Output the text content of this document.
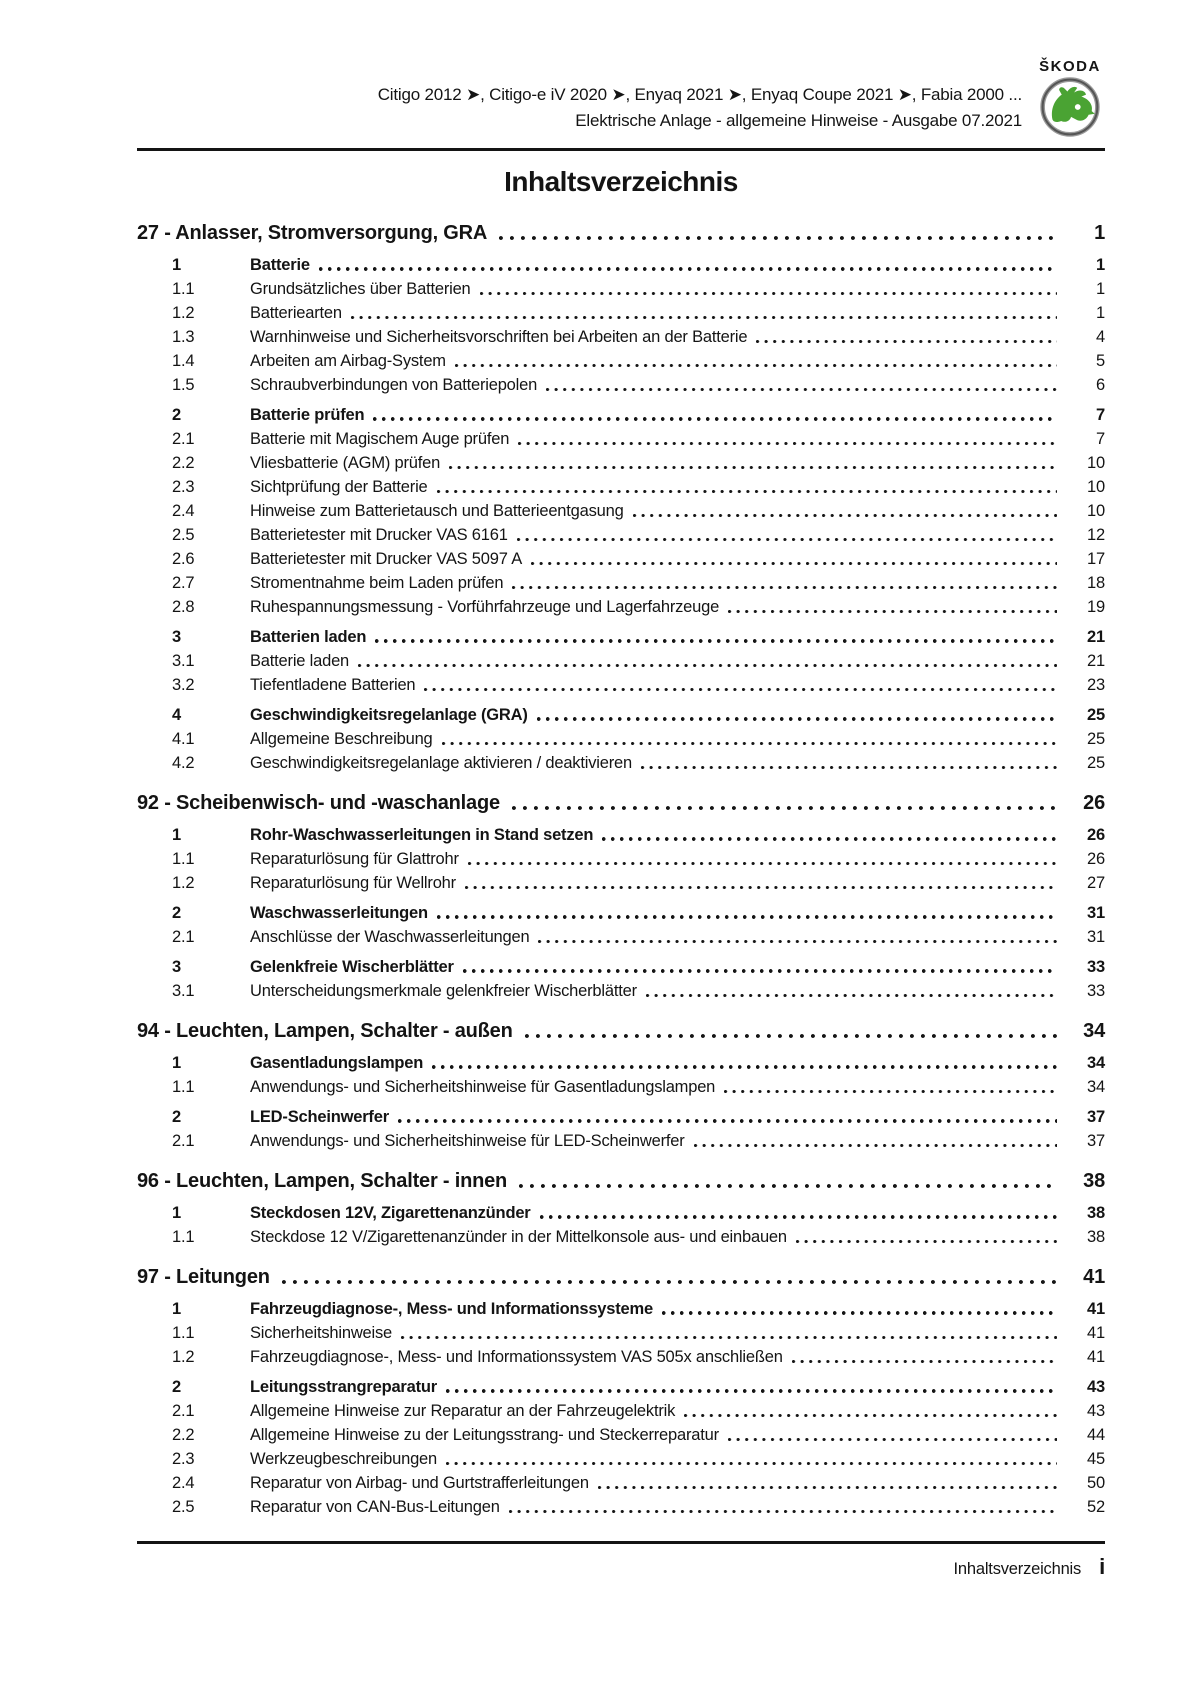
Citigo 2012 ➤, Citigo-e iV 2020 ➤, Enyaq 2021 ➤, Enyaq Coupe 2021 ➤, Fabia 2000 ...
Elektrische Anlage - allgemeine Hinweise - Ausgabe 07.2021
ŠKODA
Inhaltsverzeichnis
27 - Anlasser, Stromversorgung, GRA	1
1	Batterie	1
1.1	Grundsätzliches über Batterien	1
1.2	Batteriearten	1
1.3	Warnhinweise und Sicherheitsvorschriften bei Arbeiten an der Batterie	4
1.4	Arbeiten am Airbag-System	5
1.5	Schraubverbindungen von Batteriepolen	6
2	Batterie prüfen	7
2.1	Batterie mit Magischem Auge prüfen	7
2.2	Vliesbatterie (AGM) prüfen	10
2.3	Sichtprüfung der Batterie	10
2.4	Hinweise zum Batterietausch und Batterieentgasung	10
2.5	Batterietester mit Drucker VAS 6161	12
2.6	Batterietester mit Drucker VAS 5097 A	17
2.7	Stromentnahme beim Laden prüfen	18
2.8	Ruhespannungsmessung - Vorführfahrzeuge und Lagerfahrzeuge	19
3	Batterien laden	21
3.1	Batterie laden	21
3.2	Tiefentladene Batterien	23
4	Geschwindigkeitsregelanlage (GRA)	25
4.1	Allgemeine Beschreibung	25
4.2	Geschwindigkeitsregelanlage aktivieren / deaktivieren	25
92 - Scheibenwisch- und -waschanlage	26
1	Rohr-Waschwasserleitungen in Stand setzen	26
1.1	Reparaturlösung für Glattrohr	26
1.2	Reparaturlösung für Wellrohr	27
2	Waschwasserleitungen	31
2.1	Anschlüsse der Waschwasserleitungen	31
3	Gelenkfreie Wischerblätter	33
3.1	Unterscheidungsmerkmale gelenkfreier Wischerblätter	33
94 - Leuchten, Lampen, Schalter - außen	34
1	Gasentladungslampen	34
1.1	Anwendungs- und Sicherheitshinweise für Gasentladungslampen	34
2	LED-Scheinwerfer	37
2.1	Anwendungs- und Sicherheitshinweise für LED-Scheinwerfer	37
96 - Leuchten, Lampen, Schalter - innen	38
1	Steckdosen 12V, Zigarettenanzünder	38
1.1	Steckdose 12 V/Zigarettenanzünder in der Mittelkonsole aus- und einbauen	38
97 - Leitungen	41
1	Fahrzeugdiagnose-, Mess- und Informationssysteme	41
1.1	Sicherheitshinweise	41
1.2	Fahrzeugdiagnose-, Mess- und Informationssystem VAS 505x anschließen	41
2	Leitungsstrangreparatur	43
2.1	Allgemeine Hinweise zur Reparatur an der Fahrzeugelektrik	43
2.2	Allgemeine Hinweise zu der Leitungsstrang- und Steckerreparatur	44
2.3	Werkzeugbeschreibungen	45
2.4	Reparatur von Airbag- und Gurtstrafferleitungen	50
2.5	Reparatur von CAN-Bus-Leitungen	52
Inhaltsverzeichnis i
